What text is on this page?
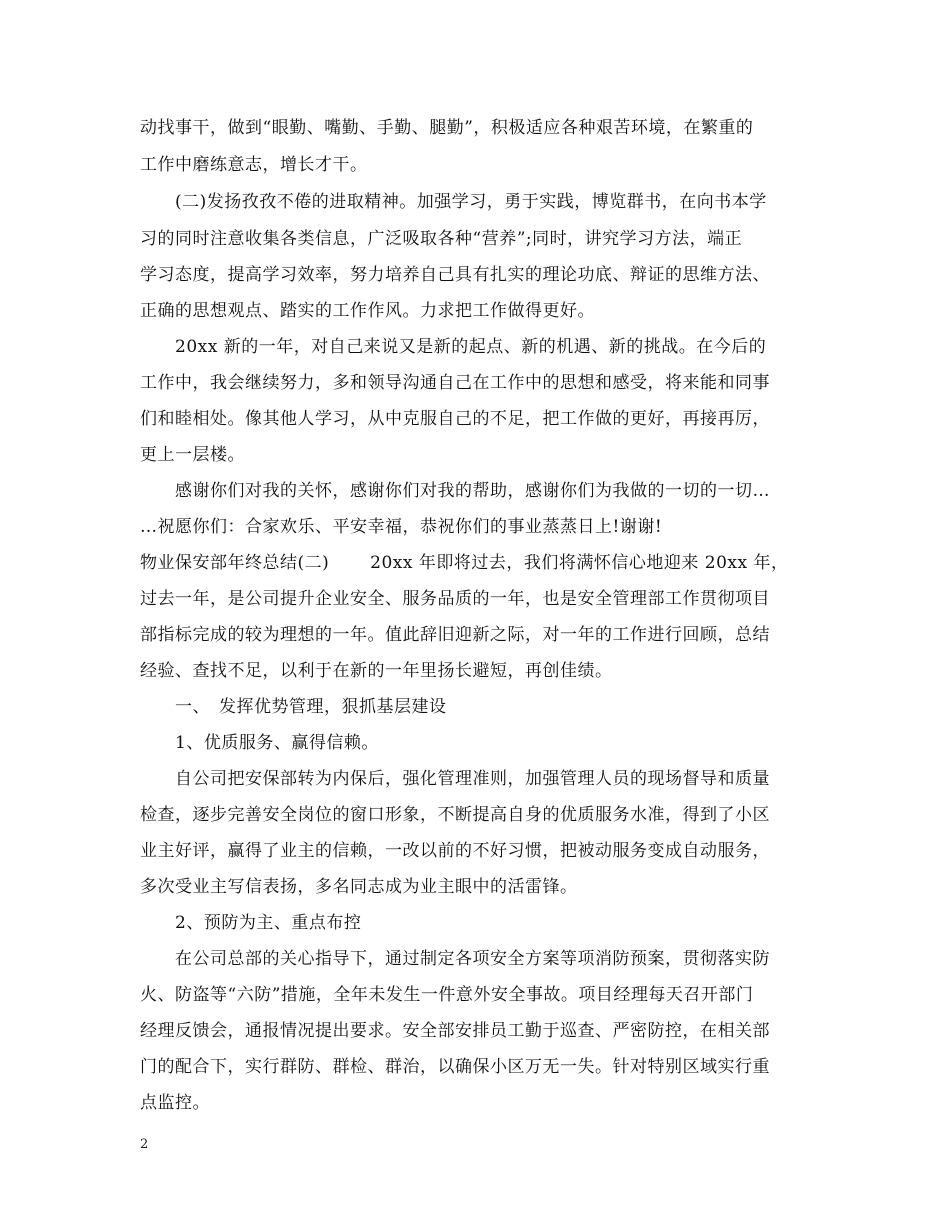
动找事干，做到“眼勤、嘴勤、手勤、腿勤”，积极适应各种艰苦环境，在繁重的
工作中磨练意志，增长才干。
　　(二)发扬孜孜不倦的进取精神。加强学习，勇于实践，博览群书，在向书本学
习的同时注意收集各类信息，广泛吸取各种“营养”;同时，讲究学习方法，端正
学习态度，提高学习效率，努力培养自己具有扎实的理论功底、辩证的思维方法、
正确的思想观点、踏实的工作作风。力求把工作做得更好。
　　20xx 新的一年，对自己来说又是新的起点、新的机遇、新的挑战。在今后的
工作中，我会继续努力，多和领导沟通自己在工作中的思想和感受，将来能和同事
们和睦相处。像其他人学习，从中克服自己的不足，把工作做的更好，再接再厉，
更上一层楼。
　　感谢你们对我的关怀，感谢你们对我的帮助，感谢你们为我做的一切的一切…
…祝愿你们：合家欢乐、平安幸福，恭祝你们的事业蒸蒸日上!谢谢!
物业保安部年终总结(二)　　 20xx 年即将过去，我们将满怀信心地迎来 20xx 年，
过去一年，是公司提升企业安全、服务品质的一年，也是安全管理部工作贯彻项目
部指标完成的较为理想的一年。值此辞旧迎新之际，对一年的工作进行回顾，总结
经验、查找不足，以利于在新的一年里扬长避短，再创佳绩。
　　一、　发挥优势管理，狠抓基层建设
　　1、优质服务、赢得信赖。
　　自公司把安保部转为内保后，强化管理准则，加强管理人员的现场督导和质量
检查，逐步完善安全岗位的窗口形象，不断提高自身的优质服务水准，得到了小区
业主好评，赢得了业主的信赖，一改以前的不好习惯，把被动服务变成自动服务，
多次受业主写信表扬，多名同志成为业主眼中的活雷锋。
　　2、预防为主、重点布控
　　在公司总部的关心指导下，通过制定各项安全方案等项消防预案，贯彻落实防
火、防盗等“六防”措施，全年未发生一件意外安全事故。项目经理每天召开部门
经理反馈会，通报情况提出要求。安全部安排员工勤于巡查、严密防控，在相关部
门的配合下，实行群防、群检、群治，以确保小区万无一失。针对特别区域实行重
点监控。
2
